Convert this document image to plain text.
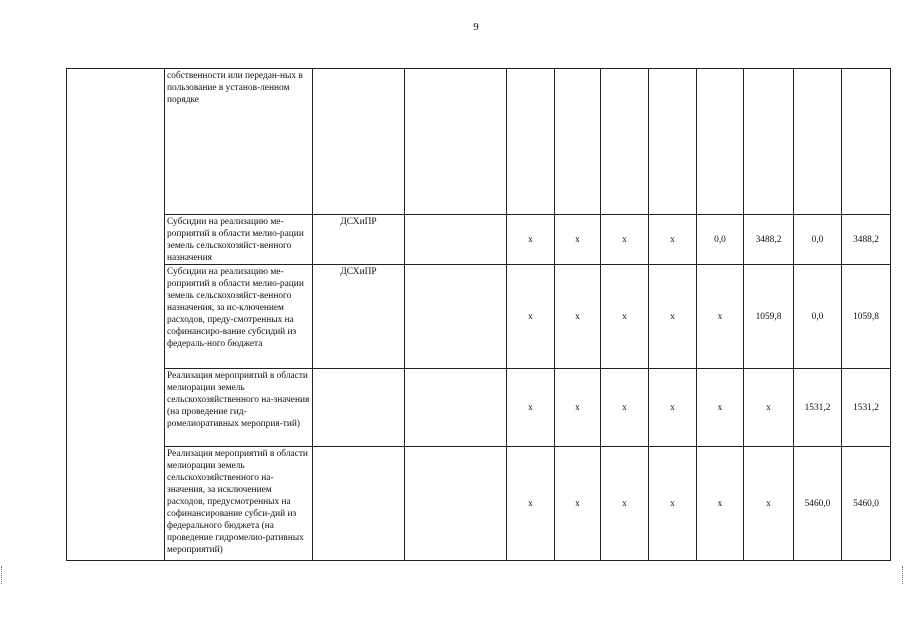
9
	собственности или передан-ных в пользование в установ-ленном порядке										
	Субсидии на реализацию ме-роприятий в области мелио-рации земель сельскохозяйст-венного назначения	ДСХиПР		х	х	х	х	0,0	3488,2	0,0	3488,2
	Субсидии на реализацию ме-роприятий в области мелио-рации земель сельскохозяйст-венного назначения, за ис-ключением расходов, преду-смотренных на софинансиро-вание субсидий из федераль-ного бюджета	ДСХиПР		х	х	х	х	х	1059,8	0,0	1059,8
	Реализация мероприятий в области мелиорации земель сельскохозяйственного на-значения (на проведение гид-ромелиоративных мероприя-тий)			х	х	х	х	х	х	1531,2	1531,2
	Реализация мероприятий в области мелиорации земель сельскохозяйственного на-значения, за исключением расходов, предусмотренных на софинансирование субси-дий из федерального бюджета (на проведение гидромелио-ративных мероприятий)			х	х	х	х	х	х	5460,0	5460,0
